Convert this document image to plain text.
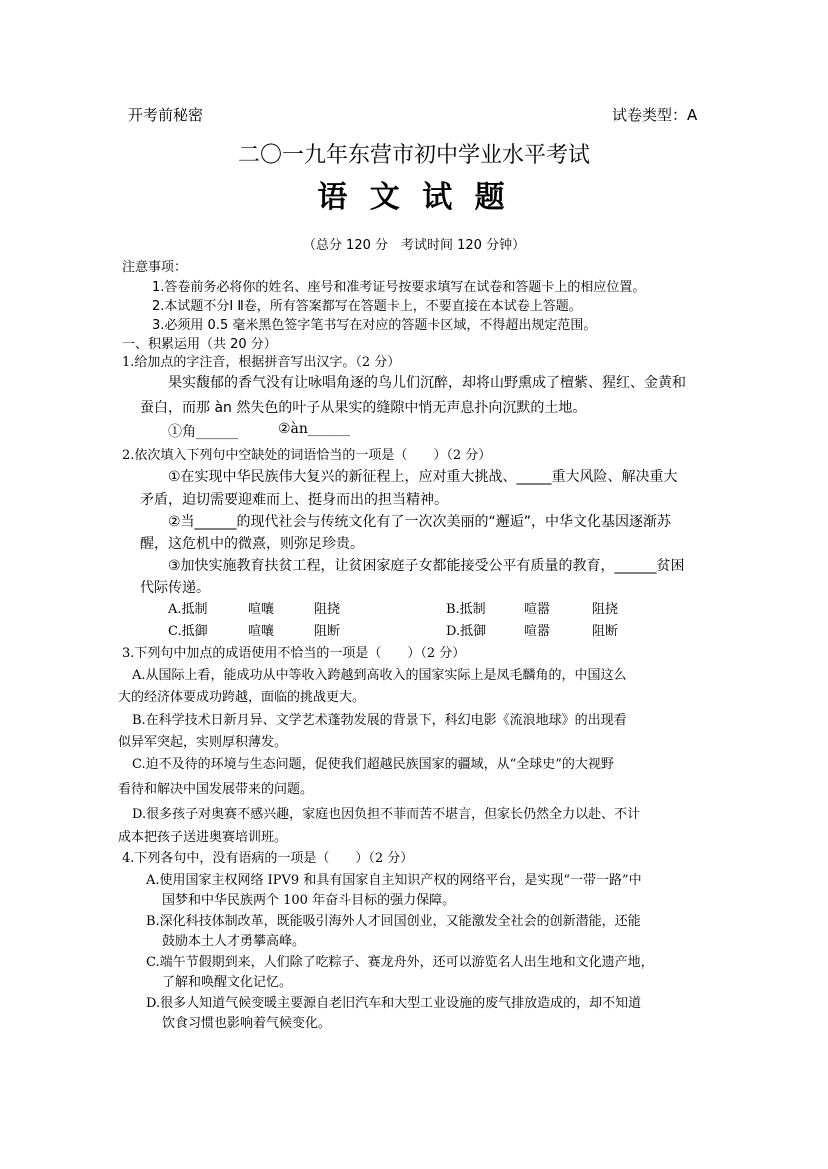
开考前秘密	试卷类型：A
二〇一九年东营市初中学业水平考试
语 文 试 题
（总分 120 分　考试时间 120 分钟）
注意事项：
1.答卷前务必将你的姓名、座号和准考证号按要求填写在试卷和答题卡上的相应位置。
2.本试题不分Ⅰ Ⅱ卷，所有答案都写在答题卡上，不要直接在本试卷上答题。
3.必须用 0.5 毫米黑色签字笔书写在对应的答题卡区域，不得超出规定范围。
一、积累运用（共 20 分）
1.给加点的字注音，根据拼音写出汉字。（2 分）
果实馥郁的香气没有让咏唱角逐的鸟儿们沉醉，却将山野熏成了檀紫、猩红、金黄和
蚕白，而那 àn 然失色的叶子从果实的缝隙中悄无声息扑向沉默的土地。
①角______	②àn______
2.依次填入下列句中空缺处的词语恰当的一项是（　　）（2 分）
①在实现中华民族伟大复兴的新征程上，应对重大挑战、_____重大风险、解决重大
矛盾，迫切需要迎难而上、挺身而出的担当精神。
②当______的现代社会与传统文化有了一次次美丽的“邂逅”，中华文化基因逐渐苏
醒，这危机中的微熹，则弥足珍贵。
③加快实施教育扶贫工程，让贫困家庭子女都能接受公平有质量的教育，______贫困
代际传递。
A.抵制	喧嚷	阻挠	B.抵制	喧嚣	阻挠
C.抵御	喧嚷	阻断	D.抵御	喧嚣	阻断
3.下列句中加点的成语使用不恰当的一项是（　　）（2 分）
A.从国际上看，能成功从中等收入跨越到高收入的国家实际上是凤毛麟角的，中国这么
大的经济体要成功跨越，面临的挑战更大。
B.在科学技术日新月异、文学艺术蓬勃发展的背景下，科幻电影《流浪地球》的出现看
似异军突起，实则厚积薄发。
C.迫不及待的环境与生态问题，促使我们超越民族国家的疆域，从“全球史”的大视野
看待和解决中国发展带来的问题。
D.很多孩子对奥赛不感兴趣，家庭也因负担不菲而苦不堪言，但家长仍然全力以赴、不计
成本把孩子送进奥赛培训班。
4.下列各句中，没有语病的一项是（　　）（2 分）
A.使用国家主权网络 IPV9 和具有国家自主知识产权的网络平台，是实现“一带一路”中
国梦和中华民族两个 100 年奋斗目标的强力保障。
B.深化科技体制改革，既能吸引海外人才回国创业，又能激发全社会的创新潜能，还能
鼓励本土人才勇攀高峰。
C.端午节假期到来，人们除了吃粽子、赛龙舟外，还可以游览名人出生地和文化遗产地，
了解和唤醒文化记忆。
D.很多人知道气候变暖主要源自老旧汽车和大型工业设施的废气排放造成的，却不知道
饮食习惯也影响着气候变化。
